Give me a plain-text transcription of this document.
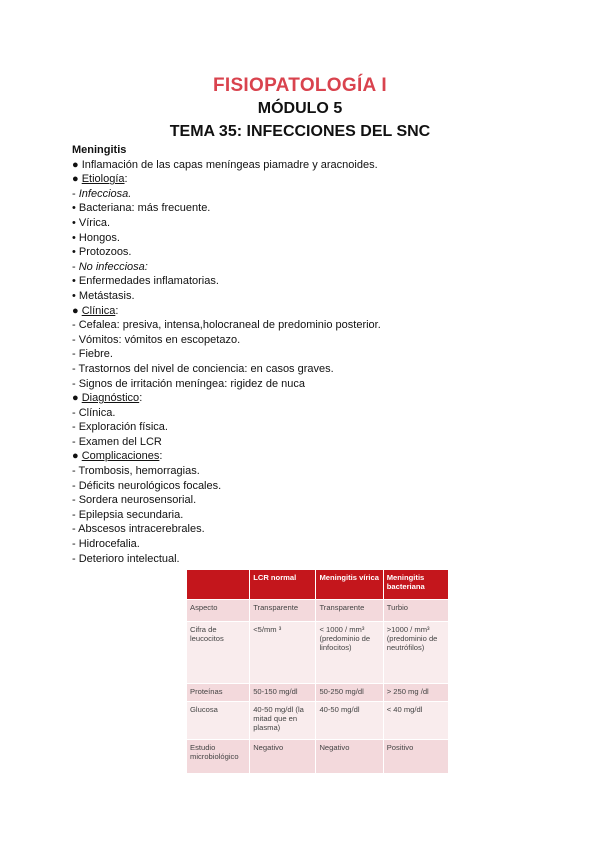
FISIOPATOLOGÍA I
MÓDULO 5
TEMA 35: INFECCIONES DEL SNC
Meningitis
● Inflamación de las capas meníngeas piamadre y aracnoides.
● Etiología:
- Infecciosa.
• Bacteriana: más frecuente.
• Vírica.
• Hongos.
• Protozoos.
- No infecciosa:
• Enfermedades inflamatorias.
• Metástasis.
● Clínica:
- Cefalea: presiva, intensa,holocraneal de predominio posterior.
- Vómitos: vómitos en escopetazo.
- Fiebre.
- Trastornos del nivel de conciencia: en casos graves.
- Signos de irritación meníngea: rigidez de nuca
● Diagnóstico:
- Clínica.
- Exploración física.
- Examen del LCR
● Complicaciones:
- Trombosis, hemorragias.
- Déficits neurológicos focales.
- Sordera neurosensorial.
- Epilepsia secundaria.
- Abscesos intracerebrales.
- Hidrocefalia.
- Deterioro intelectual.
	LCR normal	Meningitis vírica	Meningitis bacteriana
Aspecto	Transparente	Transparente	Turbio
Cifra de leucocitos	<5/mm ³	< 1000 / mm³ (predominio de linfocitos)	>1000 / mm³ (predominio de neutrófilos)
Proteínas	50-150 mg/dl	50-250 mg/dl	> 250 mg /dl
Glucosa	40-50 mg/dl (la mitad que en plasma)	40-50 mg/dl	< 40 mg/dl
Estudio microbiológico	Negativo	Negativo	Positivo
